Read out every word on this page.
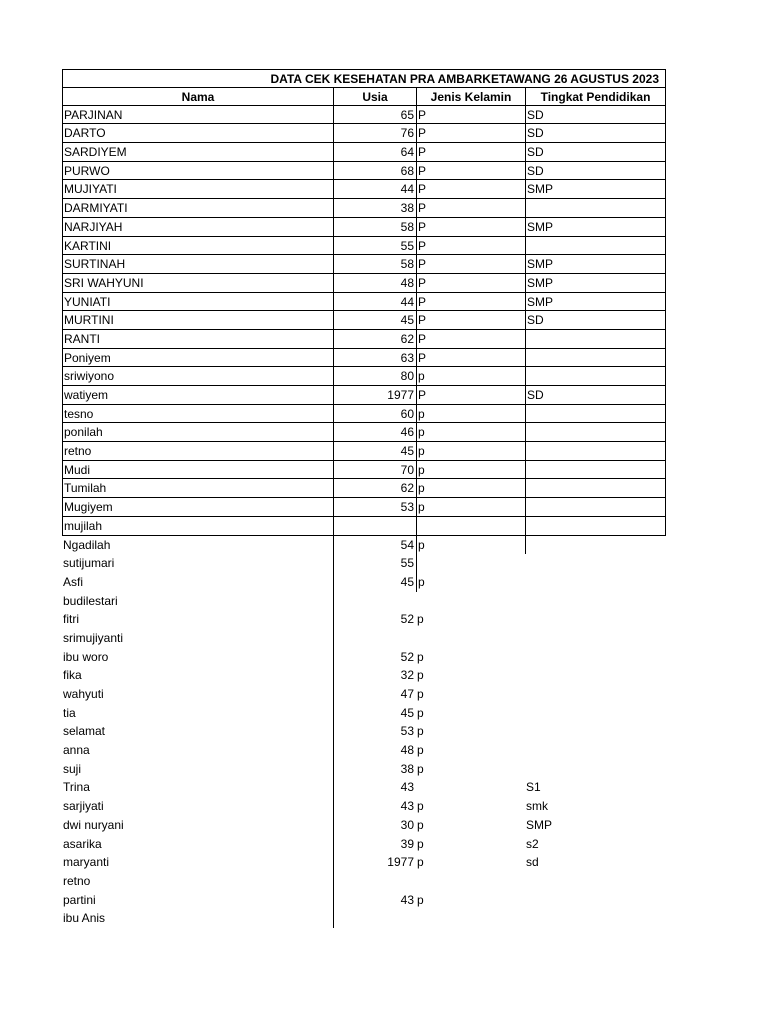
DATA CEK KESEHATAN PRA AMBARKETAWANG 26 AGUSTUS 2023
Nama	Usia	Jenis Kelamin	Tingkat Pendidikan
PARJINAN	65 P	SD
DARTO	76 P	SD
SARDIYEM	64 P	SD
PURWO	68 P	SD
MUJIYATI	44 P	SMP
DARMIYATI	38 P
NARJIYAH	58 P	SMP
KARTINI	55 P
SURTINAH	58 P	SMP
SRI WAHYUNI	48 P	SMP
YUNIATI	44 P	SMP
MURTINI	45 P	SD
RANTI	62 P
Poniyem	63 P
sriwiyono	80 p
watiyem	1977 P	SD
tesno	60 p
ponilah	46 p
retno	45 p
Mudi	70 p
Tumilah	62 p
Mugiyem	53 p
mujilah
Ngadilah	54 p
sutijumari	55
Asfi	45 p
budilestari
fitri	52 p
srimujiyanti
ibu woro	52 p
fika	32 p
wahyuti	47 p
tia	45 p
selamat	53 p
anna	48 p
suji	38 p
Trina	43	S1
sarjiyati	43 p	smk
dwi nuryani	30 p	SMP
asarika	39 p	s2
maryanti	1977 p	sd
retno
partini	43 p
ibu Anis
